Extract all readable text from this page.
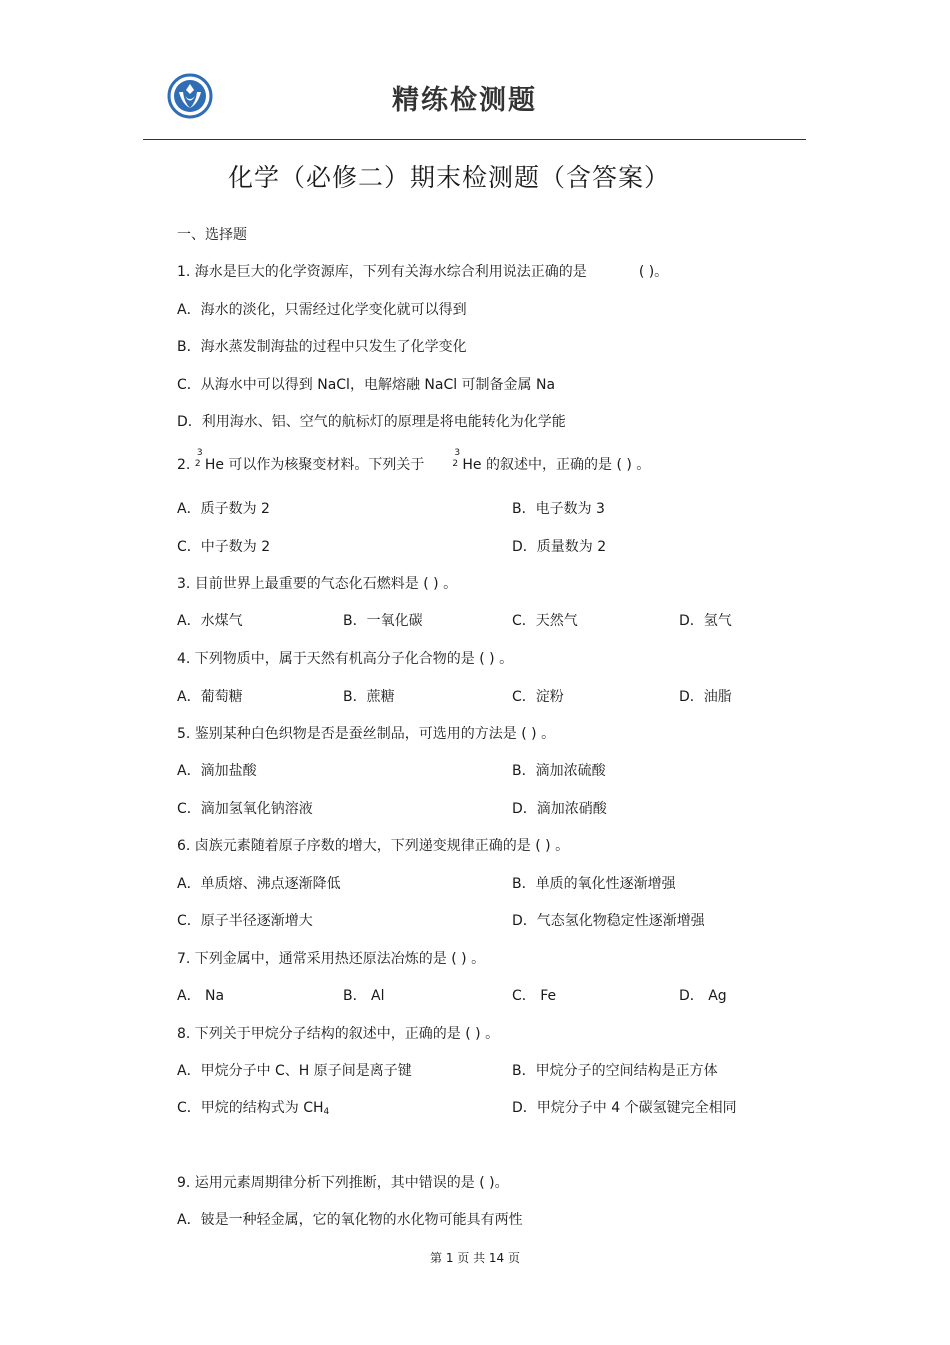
精练检测题
化学（必修二）期末检测题（含答案）
一、选择题
1. 海水是巨大的化学资源库，下列有关海水综合利用说法正确的是	( )。
A．海水的淡化，只需经过化学变化就可以得到
B．海水蒸发制海盐的过程中只发生了化学变化
C．从海水中可以得到 NaCl，电解熔融 NaCl 可制备金属 Na
D．利用海水、铝、空气的航标灯的原理是将电能转化为化学能
2.
3
2 He 可以作为核聚变材料。下列关于
3
2 He 的叙述中，正确的是 ( ) 。
A．质子数为 2	B．电子数为 3
C．中子数为 2	D．质量数为 2
3. 目前世界上最重要的气态化石燃料是 ( ) 。
A．水煤气	B．一氧化碳	C．天然气	D．氢气
4. 下列物质中，属于天然有机高分子化合物的是 ( ) 。
A．葡萄糖	B．蔗糖	C．淀粉	D．油脂
5. 鉴别某种白色织物是否是蚕丝制品，可选用的方法是 ( ) 。
A．滴加盐酸	B．滴加浓硫酸
C．滴加氢氧化钠溶液	D．滴加浓硝酸
6. 卤族元素随着原子序数的增大，下列递变规律正确的是 ( ) 。
A．单质熔、沸点逐渐降低	B．单质的氧化性逐渐增强
C．原子半径逐渐增大	D．气态氢化物稳定性逐渐增强
7. 下列金属中，通常采用热还原法冶炼的是 ( ) 。
A． Na	B． Al	C． Fe	D． Ag
8. 下列关于甲烷分子结构的叙述中，正确的是 ( ) 。
A．甲烷分子中 C、H 原子间是离子键	B．甲烷分子的空间结构是正方体
C．甲烷的结构式为 CH4	D．甲烷分子中 4 个碳氢键完全相同
9. 运用元素周期律分析下列推断，其中错误的是 ( )。
A．铍是一种轻金属，它的氧化物的水化物可能具有两性
第 1 页 共 14 页
